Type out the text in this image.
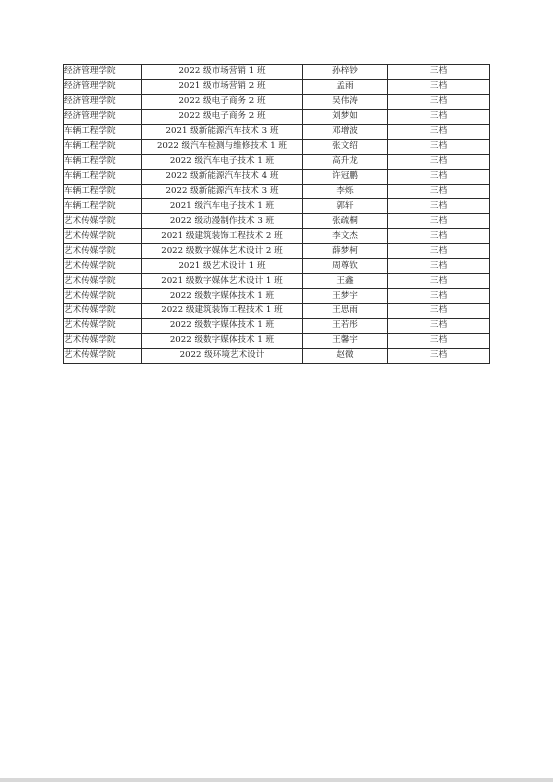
经济管理学院	2022 级市场营销 1 班	孙梓钞	三档
经济管理学院	2021 级市场营销 2 班	孟雨	三档
经济管理学院	2022 级电子商务 2 班	吴伟涛	三档
经济管理学院	2022 级电子商务 2 班	刘梦如	三档
车辆工程学院	2021 级新能源汽车技术 3 班	邓增波	三档
车辆工程学院	2022 级汽车检测与维修技术 1 班	张文绍	三档
车辆工程学院	2022 级汽车电子技术 1 班	高升龙	三档
车辆工程学院	2022 级新能源汽车技术 4 班	许冠鹏	三档
车辆工程学院	2022 级新能源汽车技术 3 班	李烁	三档
车辆工程学院	2021 级汽车电子技术 1 班	郭轩	三档
艺术传媒学院	2022 级动漫制作技术 3 班	张疏桐	三档
艺术传媒学院	2021 级建筑装饰工程技术 2 班	李文杰	三档
艺术传媒学院	2022 级数字媒体艺术设计 2 班	薛梦柯	三档
艺术传媒学院	2021 级艺术设计 1 班	周尊钦	三档
艺术传媒学院	2021 级数字媒体艺术设计 1 班	王鑫	三档
艺术传媒学院	2022 级数字媒体技术 1 班	王梦宇	三档
艺术传媒学院	2022 级建筑装饰工程技术 1 班	王思雨	三档
艺术传媒学院	2022 级数字媒体技术 1 班	王若彤	三档
艺术传媒学院	2022 级数字媒体技术 1 班	王馨宇	三档
艺术传媒学院	2022 级环境艺术设计	赵微	三档
